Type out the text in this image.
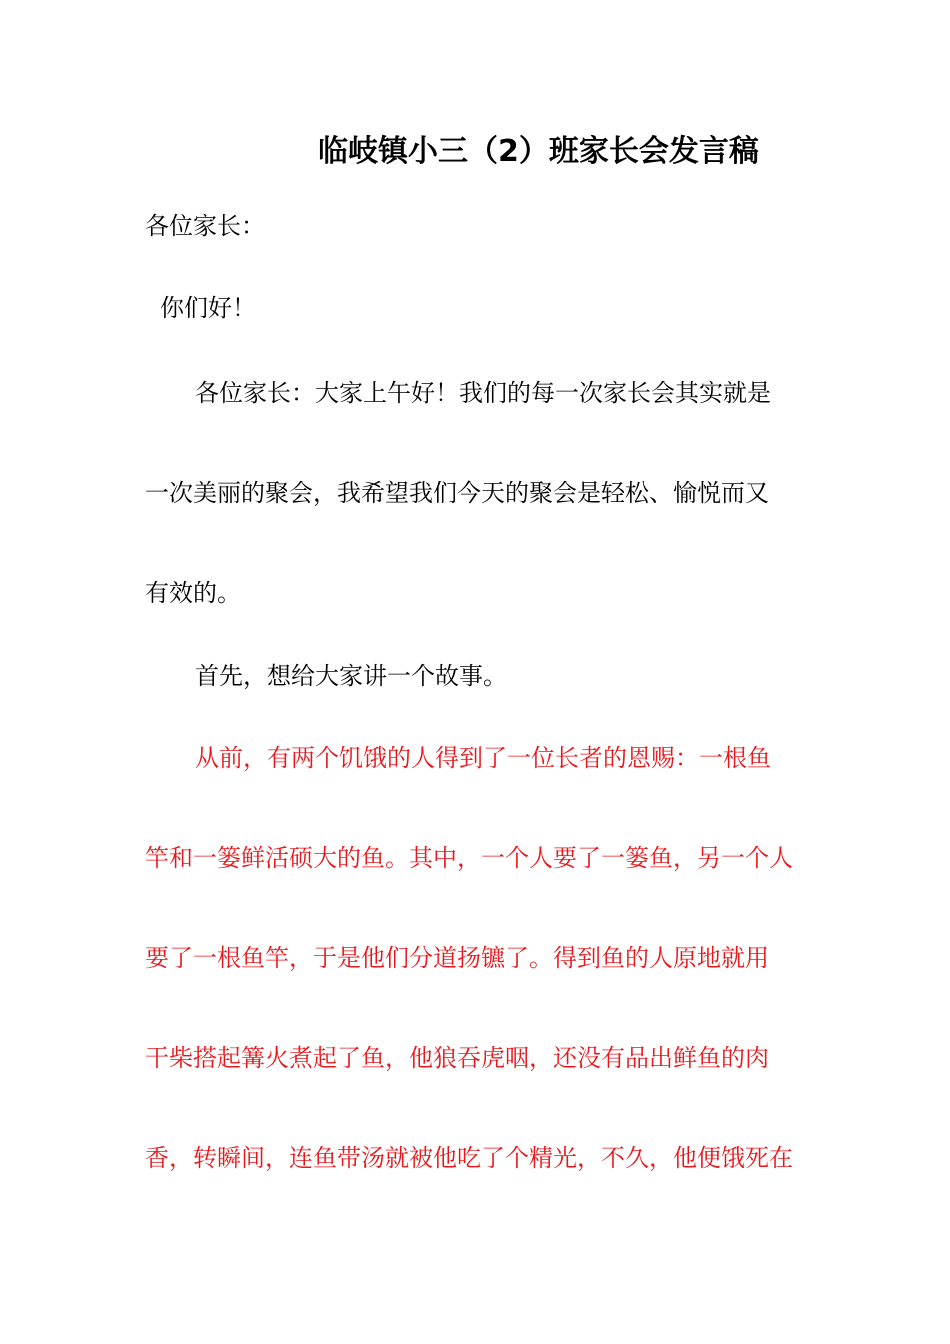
临岐镇小三（2）班家长会发言稿
各位家长：
你们好！
各位家长：大家上午好！我们的每一次家长会其实就是
一次美丽的聚会，我希望我们今天的聚会是轻松、愉悦而又
有效的。
首先，想给大家讲一个故事。
从前，有两个饥饿的人得到了一位长者的恩赐：一根鱼
竿和一篓鲜活硕大的鱼。其中，一个人要了一篓鱼，另一个人
要了一根鱼竿，于是他们分道扬镳了。得到鱼的人原地就用
干柴搭起篝火煮起了鱼，他狼吞虎咽，还没有品出鲜鱼的肉
香，转瞬间，连鱼带汤就被他吃了个精光，不久，他便饿死在
